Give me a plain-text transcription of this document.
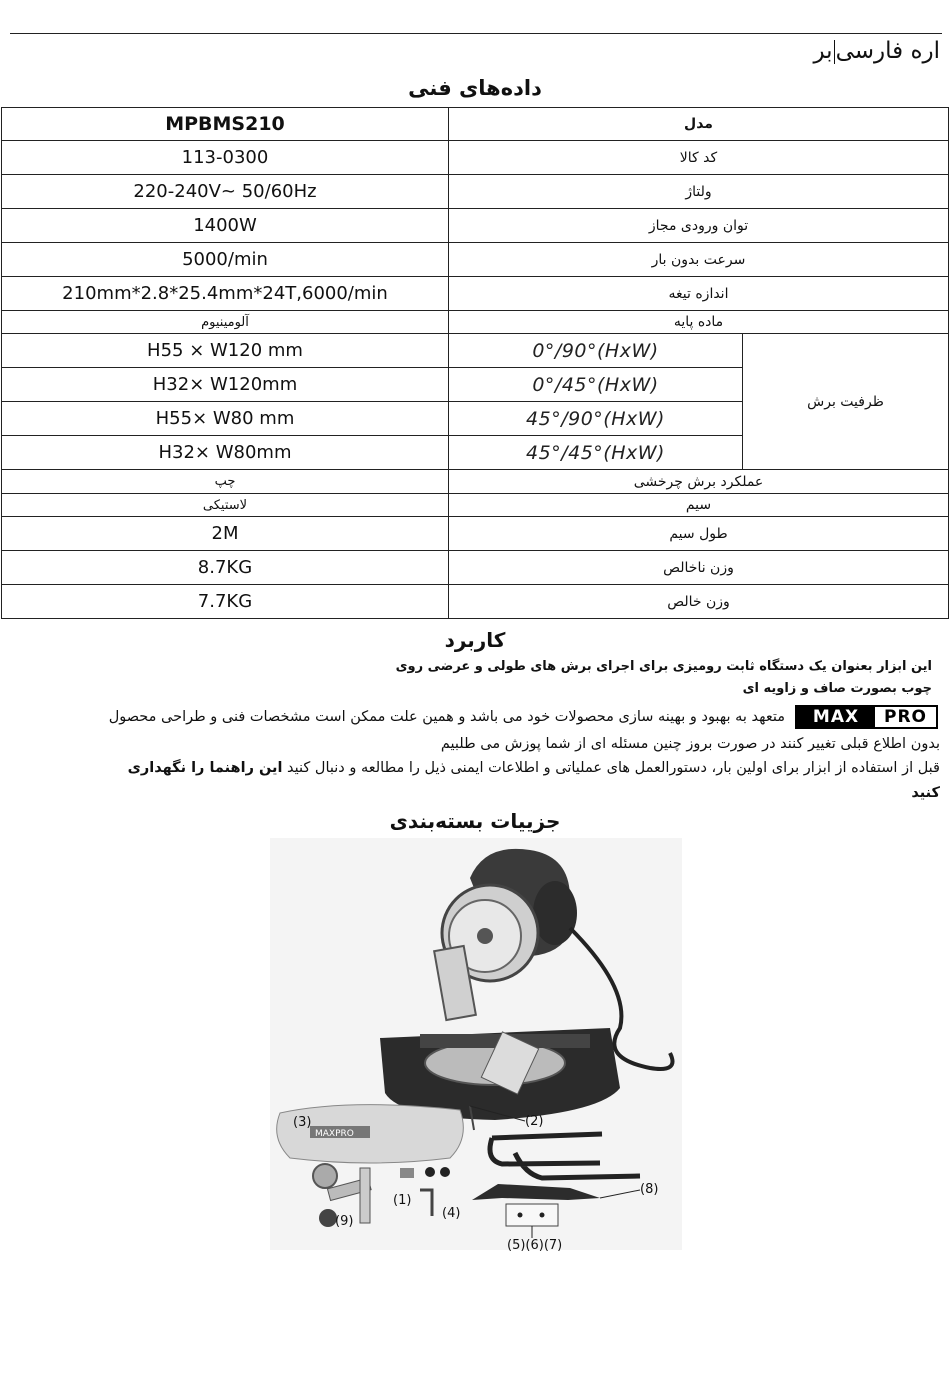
اره فارسیبر
داده‌های فنی
MPBMS210	مدل	
113-0300	کد کالا	
220-240V~ 50/60Hz	ولتاژ	
1400W	توان ورودی مجاز	
5000/min	سرعت بدون بار	
210mm*2.8*25.4mm*24T,6000/min	اندازه تیغه	
آلومینیوم	ماده پایه	
H55 × W120 mm	0°/90°(HxW)	ظرفیت برش
H32× W120mm	0°/45°(HxW)	
H55× W80 mm	45°/90°(HxW)	
H32× W80mm	45°/45°(HxW)	
چپ	عملکرد برش چرخشی	
لاستیکی	سیم	
2M	طول سیم	
8.7KG	وزن ناخالص	
7.7KG	وزن خالص	
کاربرد
این ابزار بعنوان یک دستگاه ثابت رومیزی برای اجرای برش های طولی و عرضی روی
چوب بصورت صاف و زاویه ای
MAX	PRO
متعهد به بهبود و بهینه سازی محصولات خود می باشد و همین علت ممکن است مشخصات فنی و طراحی محصول
بدون اطلاع قبلی تغییر کنند در صورت بروز چنین مسئله ای از شما پوزش می طلبیم
قبل از استفاده از ابزار برای اولین بار، دستورالعمل های عملیاتی و اطلاعات ایمنی ذیل را مطالعه و دنبال کنید این راهنما را نگهداری
کنید
جزییات بسته‌بندی
MAXPRO
(3)	(2)
(8)
(1)
(4)
(9)
(5)(6)(7)
